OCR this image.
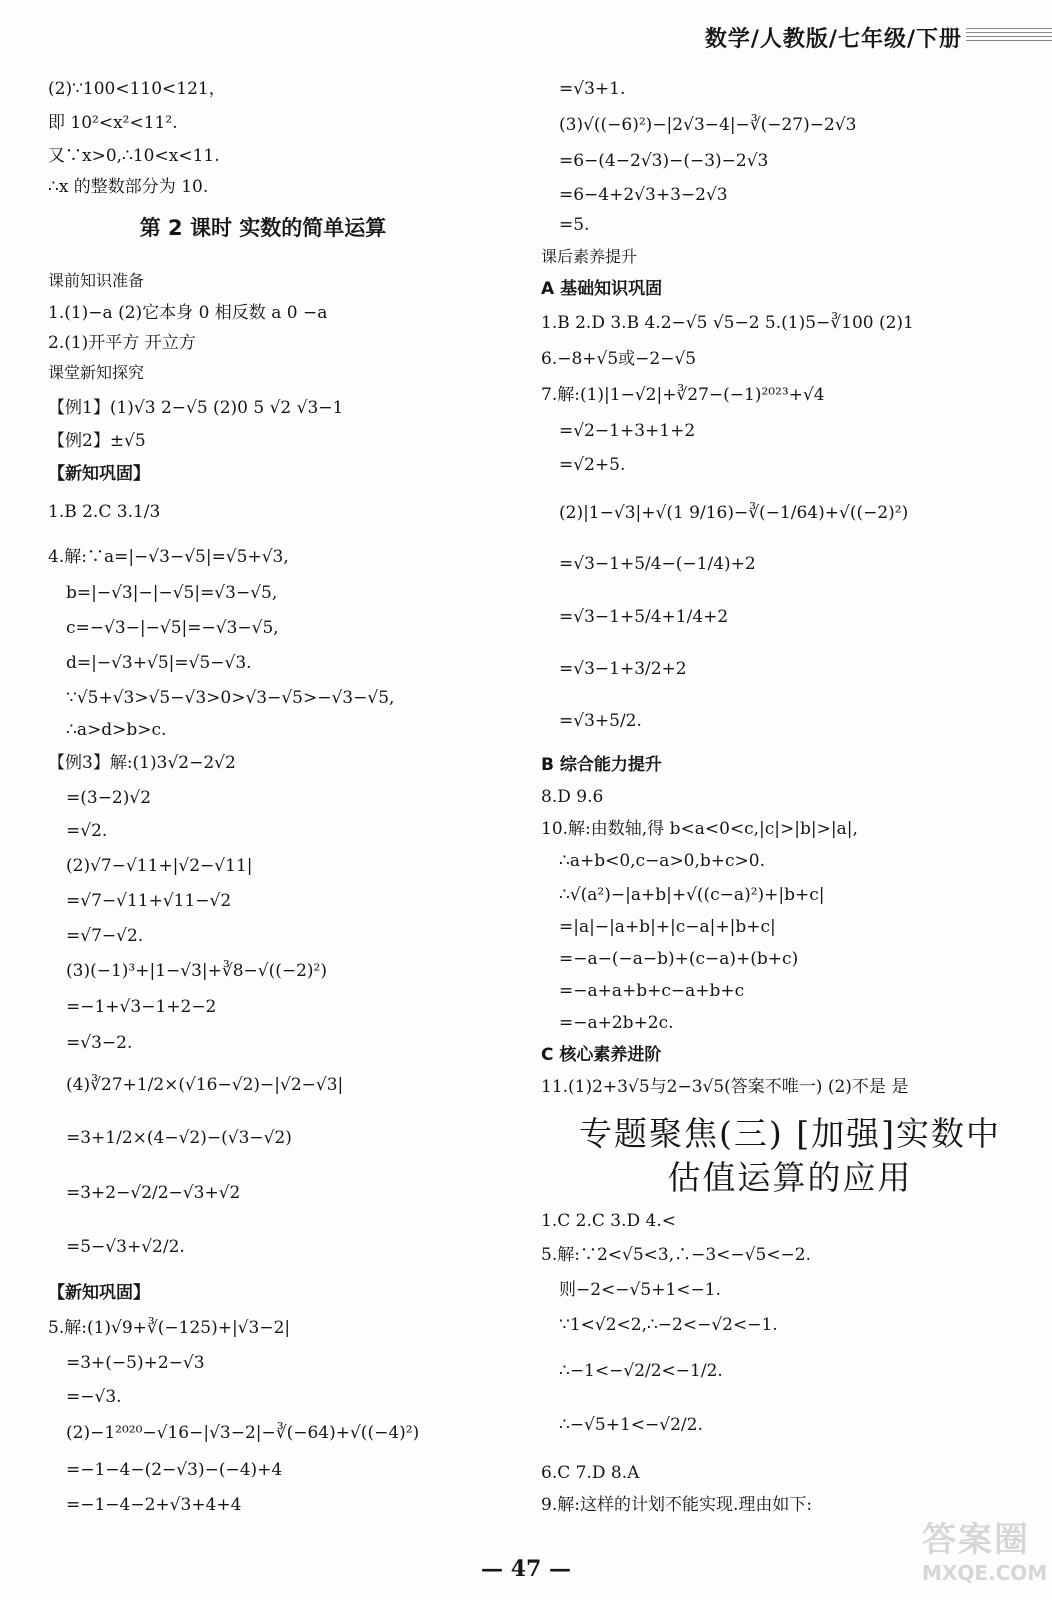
数学/人教版/七年级/下册
第 2 课时 实数的简单运算
(2)∵100<110<121，
即 10²<x²<11².
又∵x>0,∴10<x<11.
∴x 的整数部分为 10.
课前知识准备
1.(1)−a (2)它本身 0 相反数 a 0 −a
2.(1)开平方 开立方
课堂新知探究
【例1】(1)√3 2−√5 (2)0 5 √2 √3−1
【例2】±√5
【新知巩固】
1.B 2.C 3.1/3
4.解:∵a=|−√3−√5|=√5+√3,
b=|−√3|−|−√5|=√3−√5,
c=−√3−|−√5|=−√3−√5,
d=|−√3+√5|=√5−√3.
∵√5+√3>√5−√3>0>√3−√5>−√3−√5,
∴a>d>b>c.
【例3】解:(1)3√2−2√2
=(3−2)√2
=√2.
(2)√7−√11+|√2−√11|
=√7−√11+√11−√2
=√7−√2.
(3)(−1)³+|1−√3|+∛8−√((−2)²)
=−1+√3−1+2−2
=√3−2.
(4)∛27+1/2×(√16−√2)−|√2−√3|
=3+1/2×(4−√2)−(√3−√2)
=3+2−√2/2−√3+√2
=5−√3+√2/2.
【新知巩固】
5.解:(1)√9+∛(−125)+|√3−2|
=3+(−5)+2−√3
=−√3.
(2)−1²⁰²⁰−√16−|√3−2|−∛(−64)+√((−4)²)
=−1−4−(2−√3)−(−4)+4
=−1−4−2+√3+4+4
专题聚焦(三) [加强]实数中
估值运算的应用
=√3+1.
(3)√((−6)²)−|2√3−4|−∛(−27)−2√3
=6−(4−2√3)−(−3)−2√3
=6−4+2√3+3−2√3
=5.
课后素养提升
A 基础知识巩固
1.B 2.D 3.B 4.2−√5 √5−2 5.(1)5−∛100 (2)1
6.−8+√5或−2−√5
7.解:(1)|1−√2|+∛27−(−1)²⁰²³+√4
=√2−1+3+1+2
=√2+5.
(2)|1−√3|+√(1 9/16)−∛(−1/64)+√((−2)²)
=√3−1+5/4−(−1/4)+2
=√3−1+5/4+1/4+2
=√3−1+3/2+2
=√3+5/2.
B 综合能力提升
8.D 9.6
10.解:由数轴,得 b<a<0<c,|c|>|b|>|a|,
∴a+b<0,c−a>0,b+c>0.
∴√(a²)−|a+b|+√((c−a)²)+|b+c|
=|a|−|a+b|+|c−a|+|b+c|
=−a−(−a−b)+(c−a)+(b+c)
=−a+a+b+c−a+b+c
=−a+2b+2c.
C 核心素养进阶
11.(1)2+3√5与2−3√5(答案不唯一) (2)不是 是
1.C 2.C 3.D 4.<
5.解:∵2<√5<3,∴−3<−√5<−2.
则−2<−√5+1<−1.
∵1<√2<2,∴−2<−√2<−1.
∴−1<−√2/2<−1/2.
∴−√5+1<−√2/2.
6.C 7.D 8.A
9.解:这样的计划不能实现.理由如下:
— 47 —
答案圈
MXQE.COM
